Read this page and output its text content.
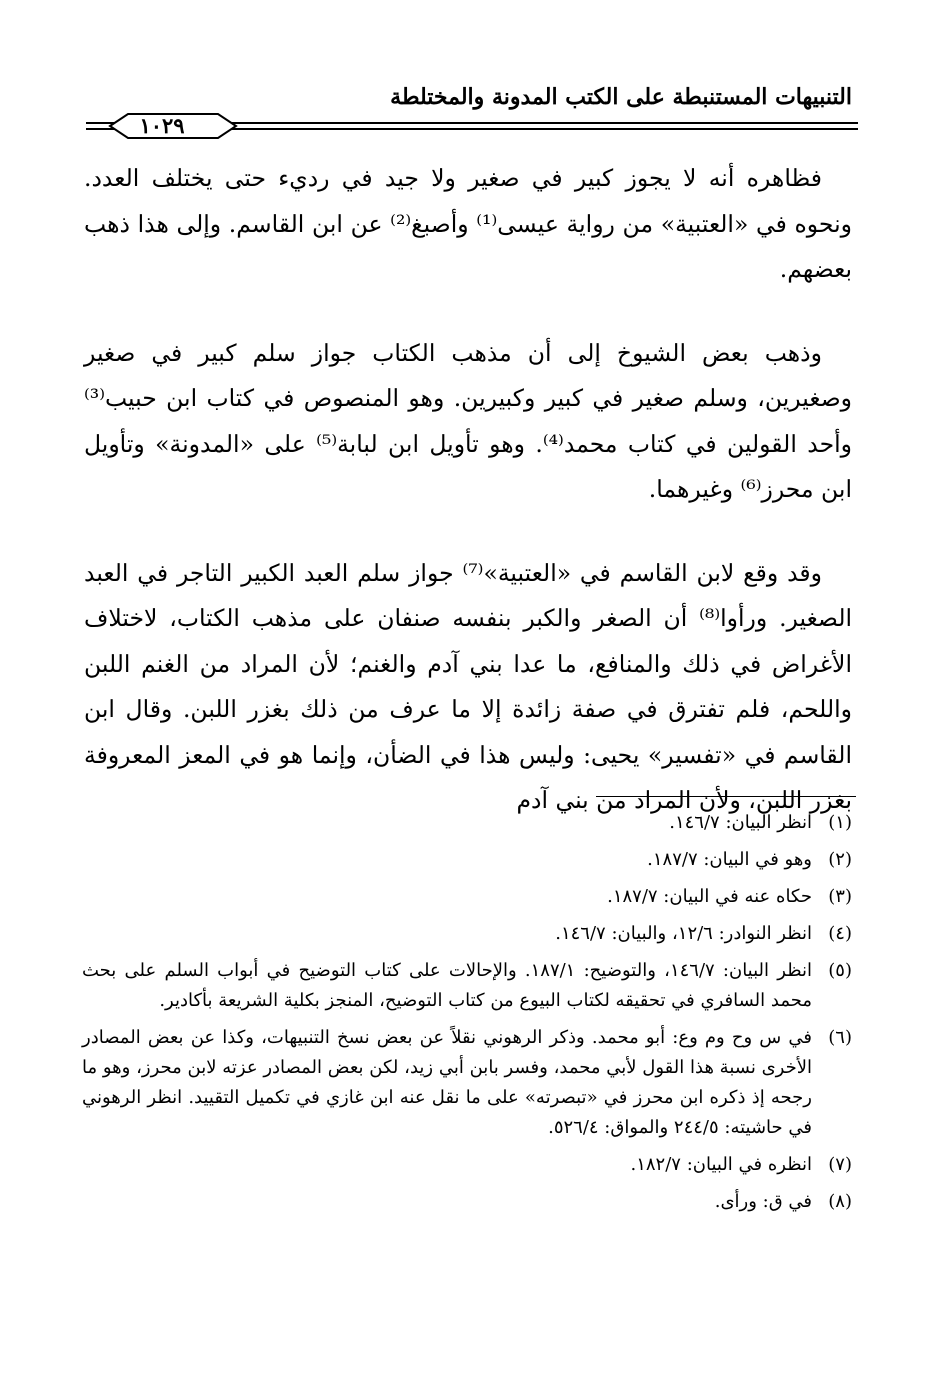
التنبيهات المستنبطة على الكتب المدونة والمختلطة
١٠٢٩

فظاهره أنه لا يجوز كبير في صغير ولا جيد في رديء حتى يختلف العدد. ونحوه في «العتبية» من رواية عيسى⁽¹⁾ وأصبغ⁽²⁾ عن ابن القاسم. وإلى هذا ذهب بعضهم.

وذهب بعض الشيوخ إلى أن مذهب الكتاب جواز سلم كبير في صغير وصغيرين، وسلم صغير في كبير وكبيرين. وهو المنصوص في كتاب ابن حبيب⁽³⁾ وأحد القولين في كتاب محمد⁽⁴⁾. وهو تأويل ابن لبابة⁽⁵⁾ على «المدونة» وتأويل ابن محرز⁽⁶⁾ وغيرهما.

وقد وقع لابن القاسم في «العتبية»⁽⁷⁾ جواز سلم العبد الكبير التاجر في العبد الصغير. ورأوا⁽⁸⁾ أن الصغر والكبر بنفسه صنفان على مذهب الكتاب، لاختلاف الأغراض في ذلك والمنافع، ما عدا بني آدم والغنم؛ لأن المراد من الغنم اللبن واللحم، فلم تفترق في صفة زائدة إلا ما عرف من ذلك بغزر اللبن. وقال ابن القاسم في «تفسير» يحيى: وليس هذا في الضأن، وإنما هو في المعز المعروفة بغزر اللبن، ولأن المراد من بني آدم

(١)
انظر البيان: ١٤٦/٧.
(٢)
وهو في البيان: ١٨٧/٧.
(٣)
حكاه عنه في البيان: ١٨٧/٧.
(٤)
انظر النوادر: ١٢/٦، والبيان: ١٤٦/٧.
(٥)
انظر البيان: ١٤٦/٧، والتوضيح: ١٨٧/١. والإحالات على كتاب التوضيح في أبواب السلم على بحث محمد السافري في تحقيقه لكتاب البيوع من كتاب التوضيح، المنجز بكلية الشريعة بأكادير.
(٦)
في س وح وم وع: أبو محمد. وذكر الرهوني نقلاً عن بعض نسخ التنبيهات، وكذا عن بعض المصادر الأخرى نسبة هذا القول لأبي محمد، وفسر بابن أبي زيد، لكن بعض المصادر عزته لابن محرز، وهو ما رجحه إذ ذكره ابن محرز في «تبصرته» على ما نقل عنه ابن غازي في تكميل التقييد. انظر الرهوني في حاشيته: ٢٤٤/٥ والمواق: ٥٢٦/٤.
(٧)
انظره في البيان: ١٨٢/٧.
(٨)
في ق: ورأى.
